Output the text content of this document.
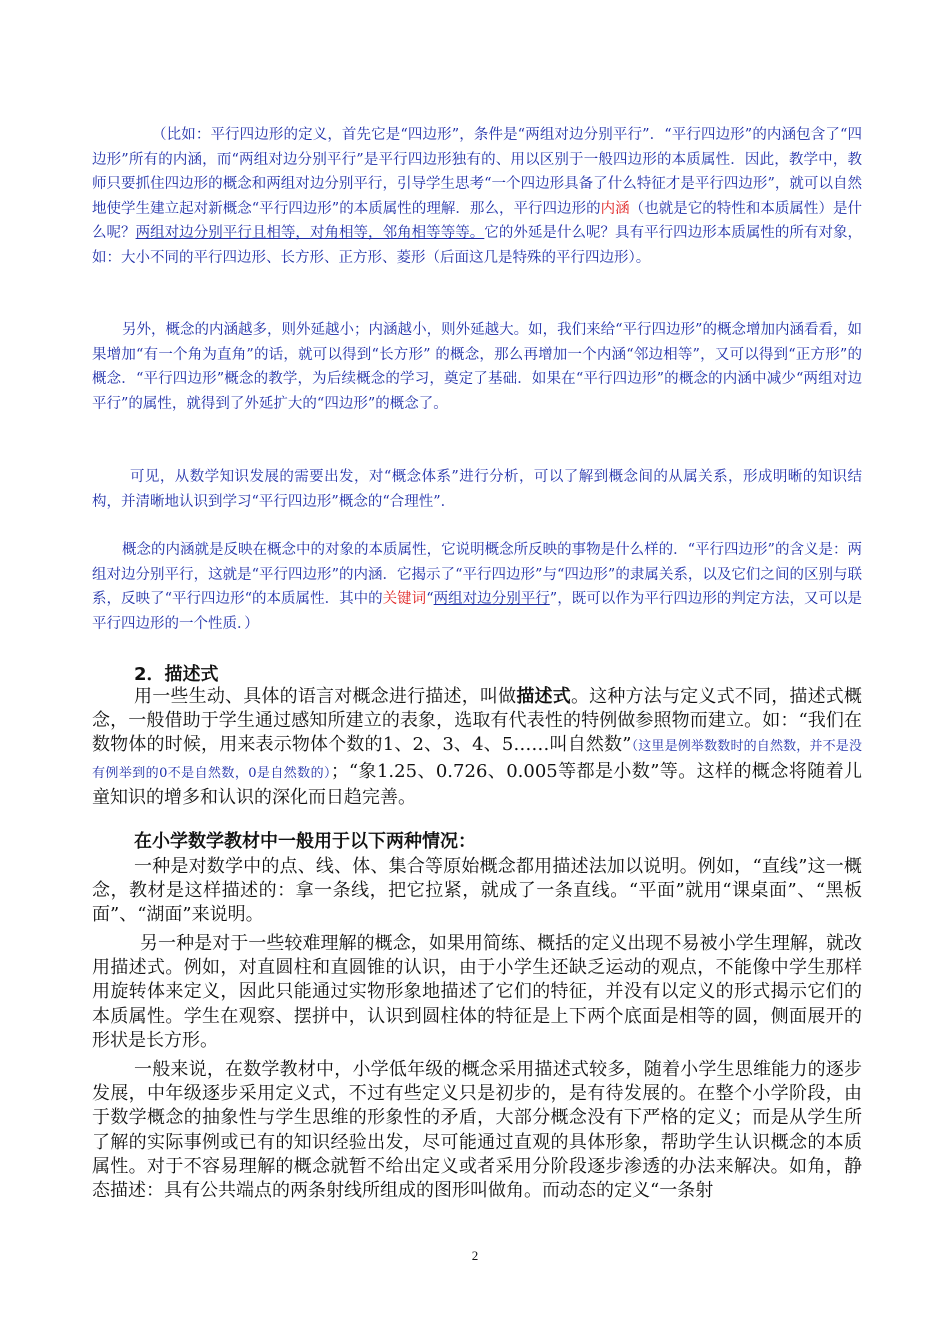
（比如：平行四边形的定义，首先它是“四边形”，条件是“两组对边分别平行”．“平行四边形”的内涵包含了“四边形”所有的内涵，而“两组对边分别平行”是平行四边形独有的、用以区别于一般四边形的本质属性．因此，教学中，教师只要抓住四边形的概念和两组对边分别平行，引导学生思考“一个四边形具备了什么特征才是平行四边形”，就可以自然地使学生建立起对新概念“平行四边形”的本质属性的理解．那么，平行四边形的内涵（也就是它的特性和本质属性）是什么呢？两组对边分别平行且相等，对角相等，邻角相等等等。它的外延是什么呢？具有平行四边形本质属性的所有对象，如：大小不同的平行四边形、长方形、正方形、菱形（后面这几是特殊的平行四边形）。
另外，概念的内涵越多，则外延越小；内涵越小，则外延越大。如，我们来给“平行四边形”的概念增加内涵看看，如果增加“有一个角为直角”的话，就可以得到“长方形” 的概念，那么再增加一个内涵“邻边相等”，又可以得到“正方形”的概念．“平行四边形”概念的教学，为后续概念的学习，奠定了基础．如果在“平行四边形”的概念的内涵中减少“两组对边平行”的属性，就得到了外延扩大的“四边形”的概念了。
可见，从数学知识发展的需要出发，对“概念体系”进行分析，可以了解到概念间的从属关系，形成明晰的知识结构，并清晰地认识到学习“平行四边形”概念的“合理性”．
概念的内涵就是反映在概念中的对象的本质属性，它说明概念所反映的事物是什么样的．“平行四边形”的含义是：两组对边分别平行，这就是“平行四边形”的内涵．它揭示了“平行四边形”与“四边形”的隶属关系，以及它们之间的区别与联系，反映了“平行四边形“的本质属性．其中的关键词“两组对边分别平行”，既可以作为平行四边形的判定方法，又可以是平行四边形的一个性质．）
2．描述式
用一些生动、具体的语言对概念进行描述，叫做描述式。这种方法与定义式不同，描述式概念，一般借助于学生通过感知所建立的表象，选取有代表性的特例做参照物而建立。如：“我们在数物体的时候，用来表示物体个数的1、2、3、4、5……叫自然数”（这里是例举数数时的自然数，并不是没有例举到的0不是自然数，0是自然数的）；“象1.25、0.726、0.005等都是小数”等。这样的概念将随着儿童知识的增多和认识的深化而日趋完善。
在小学数学教材中一般用于以下两种情况：
一种是对数学中的点、线、体、集合等原始概念都用描述法加以说明。例如，“直线”这一概念，教材是这样描述的：拿一条线，把它拉紧，就成了一条直线。“平面”就用“课桌面”、“黑板面”、“湖面”来说明。
另一种是对于一些较难理解的概念，如果用简练、概括的定义出现不易被小学生理解，就改用描述式。例如，对直圆柱和直圆锥的认识，由于小学生还缺乏运动的观点，不能像中学生那样用旋转体来定义，因此只能通过实物形象地描述了它们的特征，并没有以定义的形式揭示它们的本质属性。学生在观察、摆拼中，认识到圆柱体的特征是上下两个底面是相等的圆，侧面展开的形状是长方形。
一般来说，在数学教材中，小学低年级的概念采用描述式较多，随着小学生思维能力的逐步发展，中年级逐步采用定义式，不过有些定义只是初步的，是有待发展的。在整个小学阶段，由于数学概念的抽象性与学生思维的形象性的矛盾，大部分概念没有下严格的定义；而是从学生所了解的实际事例或已有的知识经验出发，尽可能通过直观的具体形象，帮助学生认识概念的本质属性。对于不容易理解的概念就暂不给出定义或者采用分阶段逐步渗透的办法来解决。如角，静态描述：具有公共端点的两条射线所组成的图形叫做角。而动态的定义“一条射
2
